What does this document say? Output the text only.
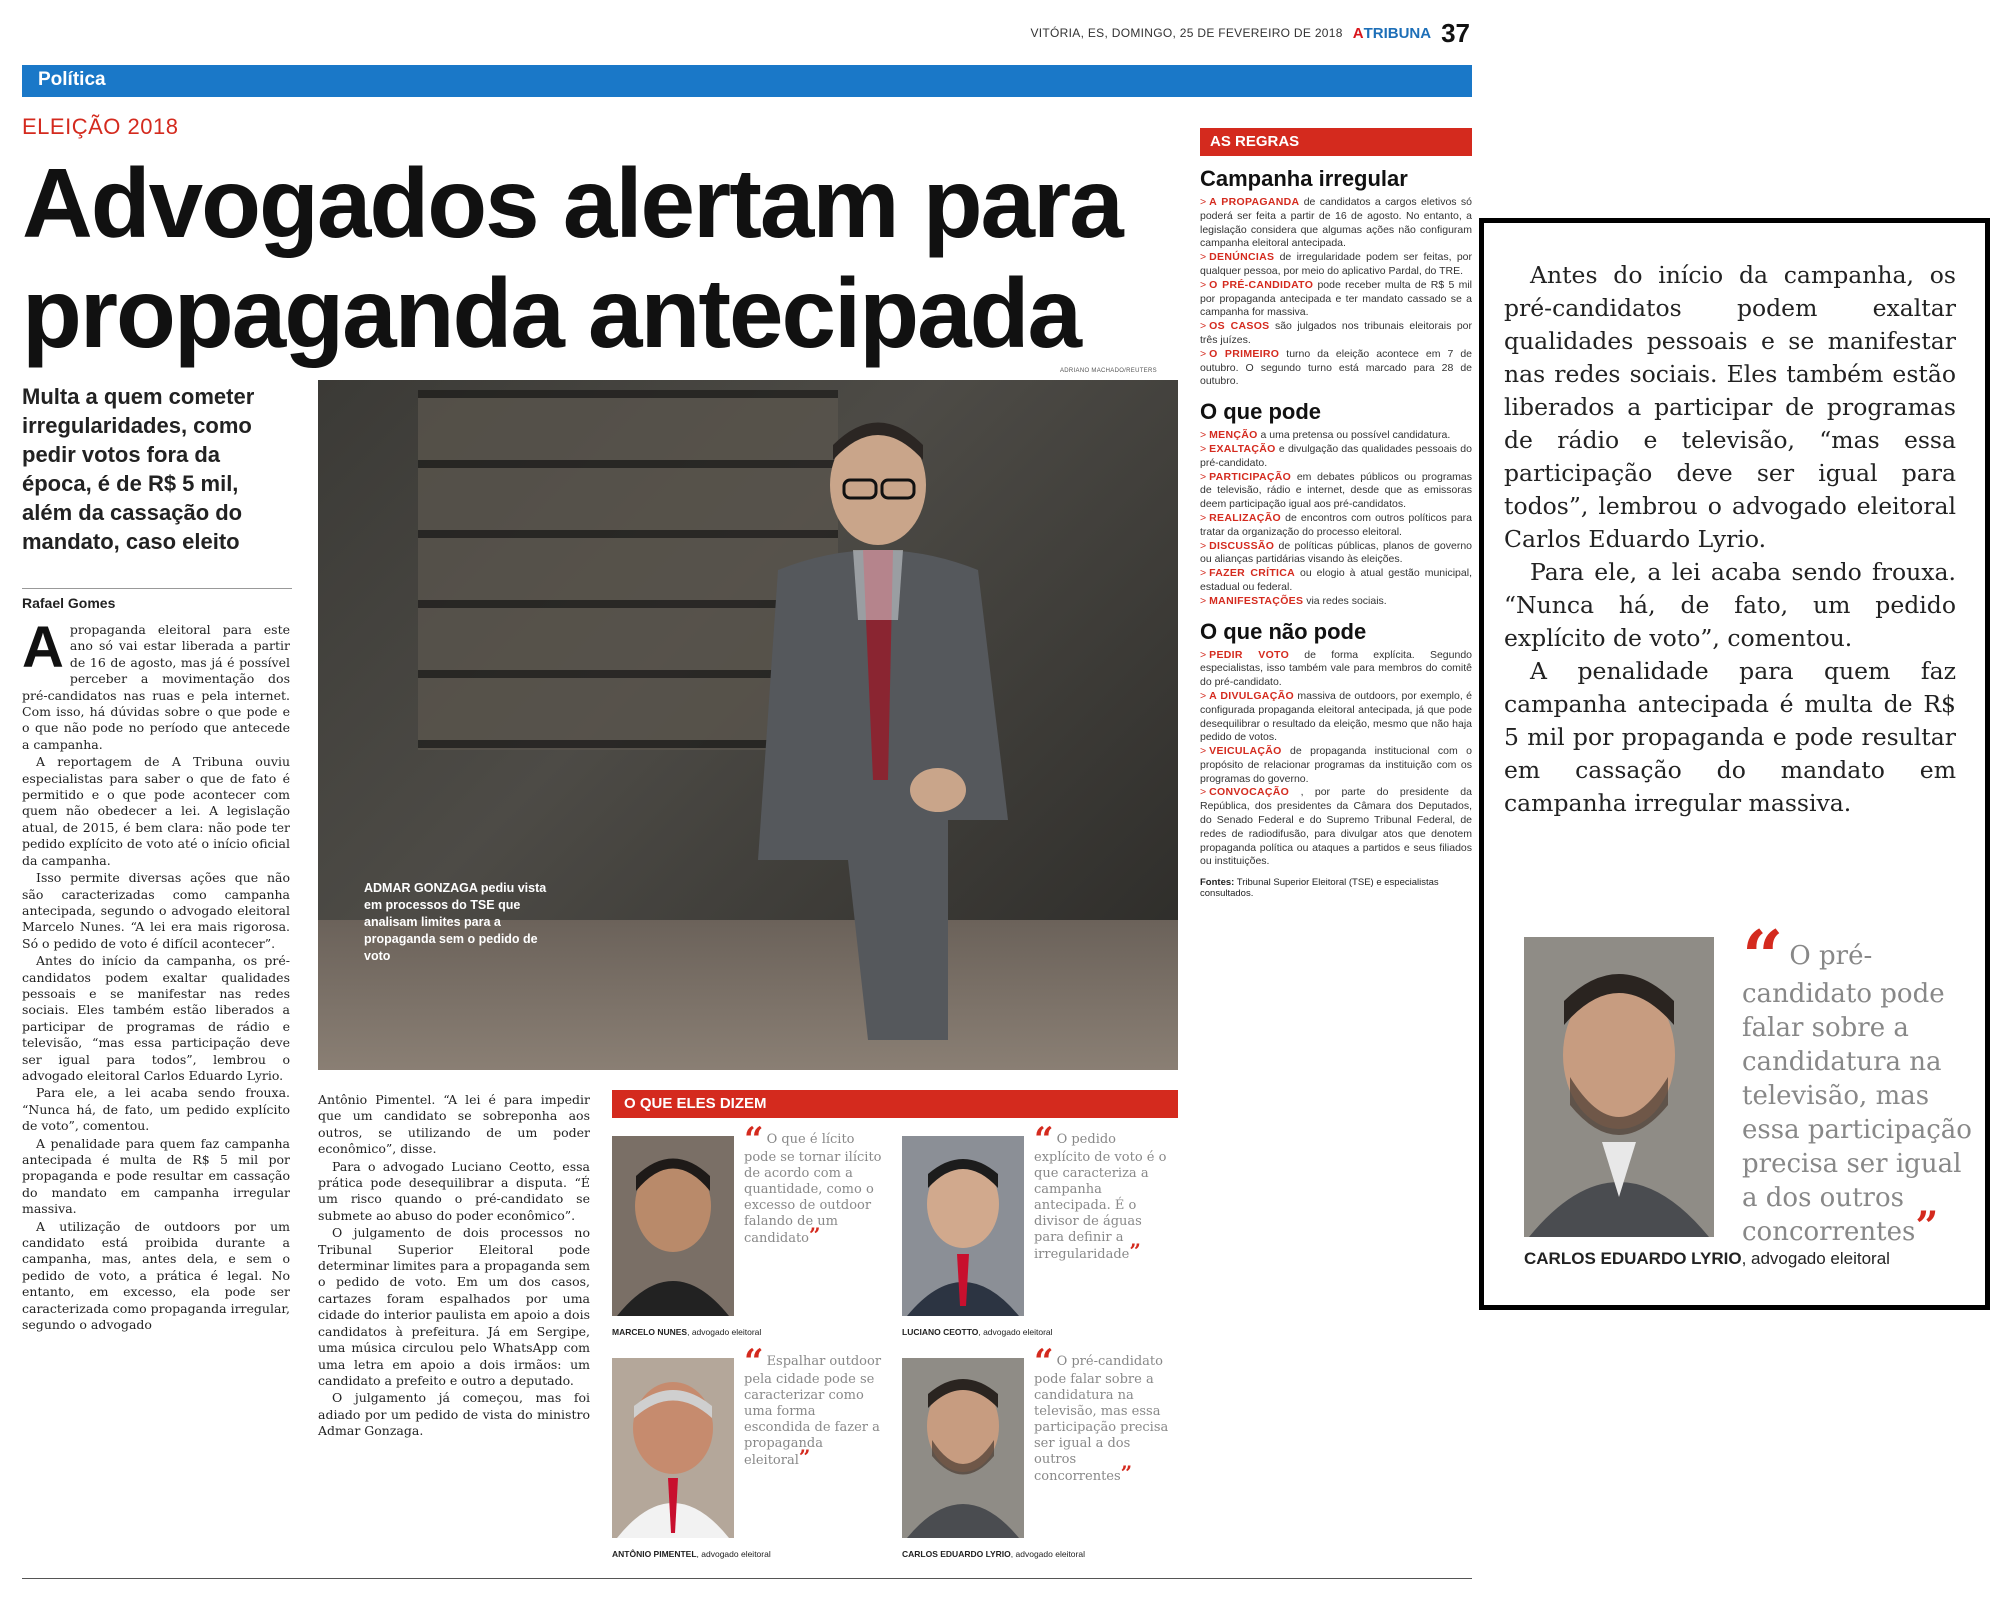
VITÓRIA, ES, DOMINGO, 25 DE FEVEREIRO DE 2018 ATRIBUNA 37
Política
ELEIÇÃO 2018
Advogados alertam para propaganda antecipada
Multa a quem cometer irregularidades, como pedir votos fora da época, é de R$ 5 mil, além da cassação do mandato, caso eleito
Rafael Gomes

Apropaganda eleitoral para este ano só vai estar liberada a partir de 16 de agosto, mas já é possível perceber a movimentação dos pré-candidatos nas ruas e pela internet. Com isso, há dúvidas sobre o que pode e o que não pode no período que antecede a campanha.

A reportagem de A Tribuna ouviu especialistas para saber o que de fato é permitido e o que pode acontecer com quem não obedecer a lei. A legislação atual, de 2015, é bem clara: não pode ter pedido explícito de voto até o início oficial da campanha.

Isso permite diversas ações que não são caracterizadas como campanha antecipada, segundo o advogado eleitoral Marcelo Nunes. “A lei era mais rigorosa. Só o pedido de voto é difícil acontecer”.

Antes do início da campanha, os pré-candidatos podem exaltar qualidades pessoais e se manifestar nas redes sociais. Eles também estão liberados a participar de programas de rádio e televisão, “mas essa participação deve ser igual para todos”, lembrou o advogado eleitoral Carlos Eduardo Lyrio.

Para ele, a lei acaba sendo frouxa. “Nunca há, de fato, um pedido explícito de voto”, comentou.

A penalidade para quem faz campanha antecipada é multa de R$ 5 mil por propaganda e pode resultar em cassação do mandato em campanha irregular massiva.

A utilização de outdoors por um candidato está proibida durante a campanha, mas, antes dela, e sem o pedido de voto, a prática é legal. No entanto, em excesso, ela pode ser caracterizada como propaganda irregular, segundo o advogado

ADRIANO MACHADO/REUTERS
ADMAR GONZAGA pediu vista em processos do TSE que analisam limites para a propaganda sem o pedido de voto

Antônio Pimentel. “A lei é para impedir que um candidato se sobreponha aos outros, se utilizando de um poder econômico”, disse.

Para o advogado Luciano Ceotto, essa prática pode desequilibrar a disputa. “É um risco quando o pré-candidato se submete ao abuso do poder econômico”.

O julgamento de dois processos no Tribunal Superior Eleitoral pode determinar limites para a propaganda sem o pedido de voto. Em um dos casos, cartazes foram espalhados por uma cidade do interior paulista em apoio a dois candidatos à prefeitura. Já em Sergipe, uma música circulou pelo WhatsApp com uma letra em apoio a dois irmãos: um candidato a prefeito e outro a deputado.

O julgamento já começou, mas foi adiado por um pedido de vista do ministro Admar Gonzaga.

O QUE ELES DIZEM
“ O que é lícito pode se tornar ilícito de acordo com a quantidade, como o excesso de outdoor falando de um candidato”
MARCELO NUNES, advogado eleitoral
“ O pedido explícito de voto é o que caracteriza a campanha antecipada. É o divisor de águas para definir a irregularidade”
LUCIANO CEOTTO, advogado eleitoral
“ Espalhar outdoor pela cidade pode se caracterizar como uma forma escondida de fazer a propaganda eleitoral”
ANTÔNIO PIMENTEL, advogado eleitoral
“ O pré-candidato pode falar sobre a candidatura na televisão, mas essa participação precisa ser igual a dos outros concorrentes”
CARLOS EDUARDO LYRIO, advogado eleitoral
AS REGRAS
Campanha irregular
> A PROPAGANDA de candidatos a cargos eletivos só poderá ser feita a partir de 16 de agosto. No entanto, a legislação considera que algumas ações não configuram campanha eleitoral antecipada.
> DENÚNCIAS de irregularidade podem ser feitas, por qualquer pessoa, por meio do aplicativo Pardal, do TRE.
> O PRÉ-CANDIDATO pode receber multa de R$ 5 mil por propaganda antecipada e ter mandato cassado se a campanha for massiva.
> OS CASOS são julgados nos tribunais eleitorais por três juízes.
> O PRIMEIRO turno da eleição acontece em 7 de outubro. O segundo turno está marcado para 28 de outubro.
O que pode
> MENÇÃO a uma pretensa ou possível candidatura.
> EXALTAÇÃO e divulgação das qualidades pessoais do pré-candidato.
> PARTICIPAÇÃO em debates públicos ou programas de televisão, rádio e internet, desde que as emissoras deem participação igual aos pré-candidatos.
> REALIZAÇÃO de encontros com outros políticos para tratar da organização do processo eleitoral.
> DISCUSSÃO de políticas públicas, planos de governo ou alianças partidárias visando às eleições.
> FAZER CRÍTICA ou elogio à atual gestão municipal, estadual ou federal.
> MANIFESTAÇÕES via redes sociais.
O que não pode
> PEDIR VOTO de forma explícita. Segundo especialistas, isso também vale para membros do comitê do pré-candidato.
> A DIVULGAÇÃO massiva de outdoors, por exemplo, é configurada propaganda eleitoral antecipada, já que pode desequilibrar o resultado da eleição, mesmo que não haja pedido de votos.
> VEICULAÇÃO de propaganda institucional com o propósito de relacionar programas da instituição com os programas do governo.
> CONVOCAÇÃO , por parte do presidente da República, dos presidentes da Câmara dos Deputados, do Senado Federal e do Supremo Tribunal Federal, de redes de radiodifusão, para divulgar atos que denotem propaganda política ou ataques a partidos e seus filiados ou instituições.
Fontes: Tribunal Superior Eleitoral (TSE) e especialistas consultados.

Antes do início da campanha, os pré-candidatos podem exaltar qualidades pessoais e se manifestar nas redes sociais. Eles também estão liberados a participar de programas de rádio e televisão, “mas essa participação deve ser igual para todos”, lembrou o advogado eleitoral Carlos Eduardo Lyrio.

Para ele, a lei acaba sendo frouxa. “Nunca há, de fato, um pedido explícito de voto”, comentou.

A penalidade para quem faz campanha antecipada é multa de R$ 5 mil por propaganda e pode resultar em cassação do mandato em campanha irregular massiva.

“ O pré-candidato pode falar sobre a candidatura na televisão, mas essa participação precisa ser igual a dos outros concorrentes”
CARLOS EDUARDO LYRIO, advogado eleitoral
